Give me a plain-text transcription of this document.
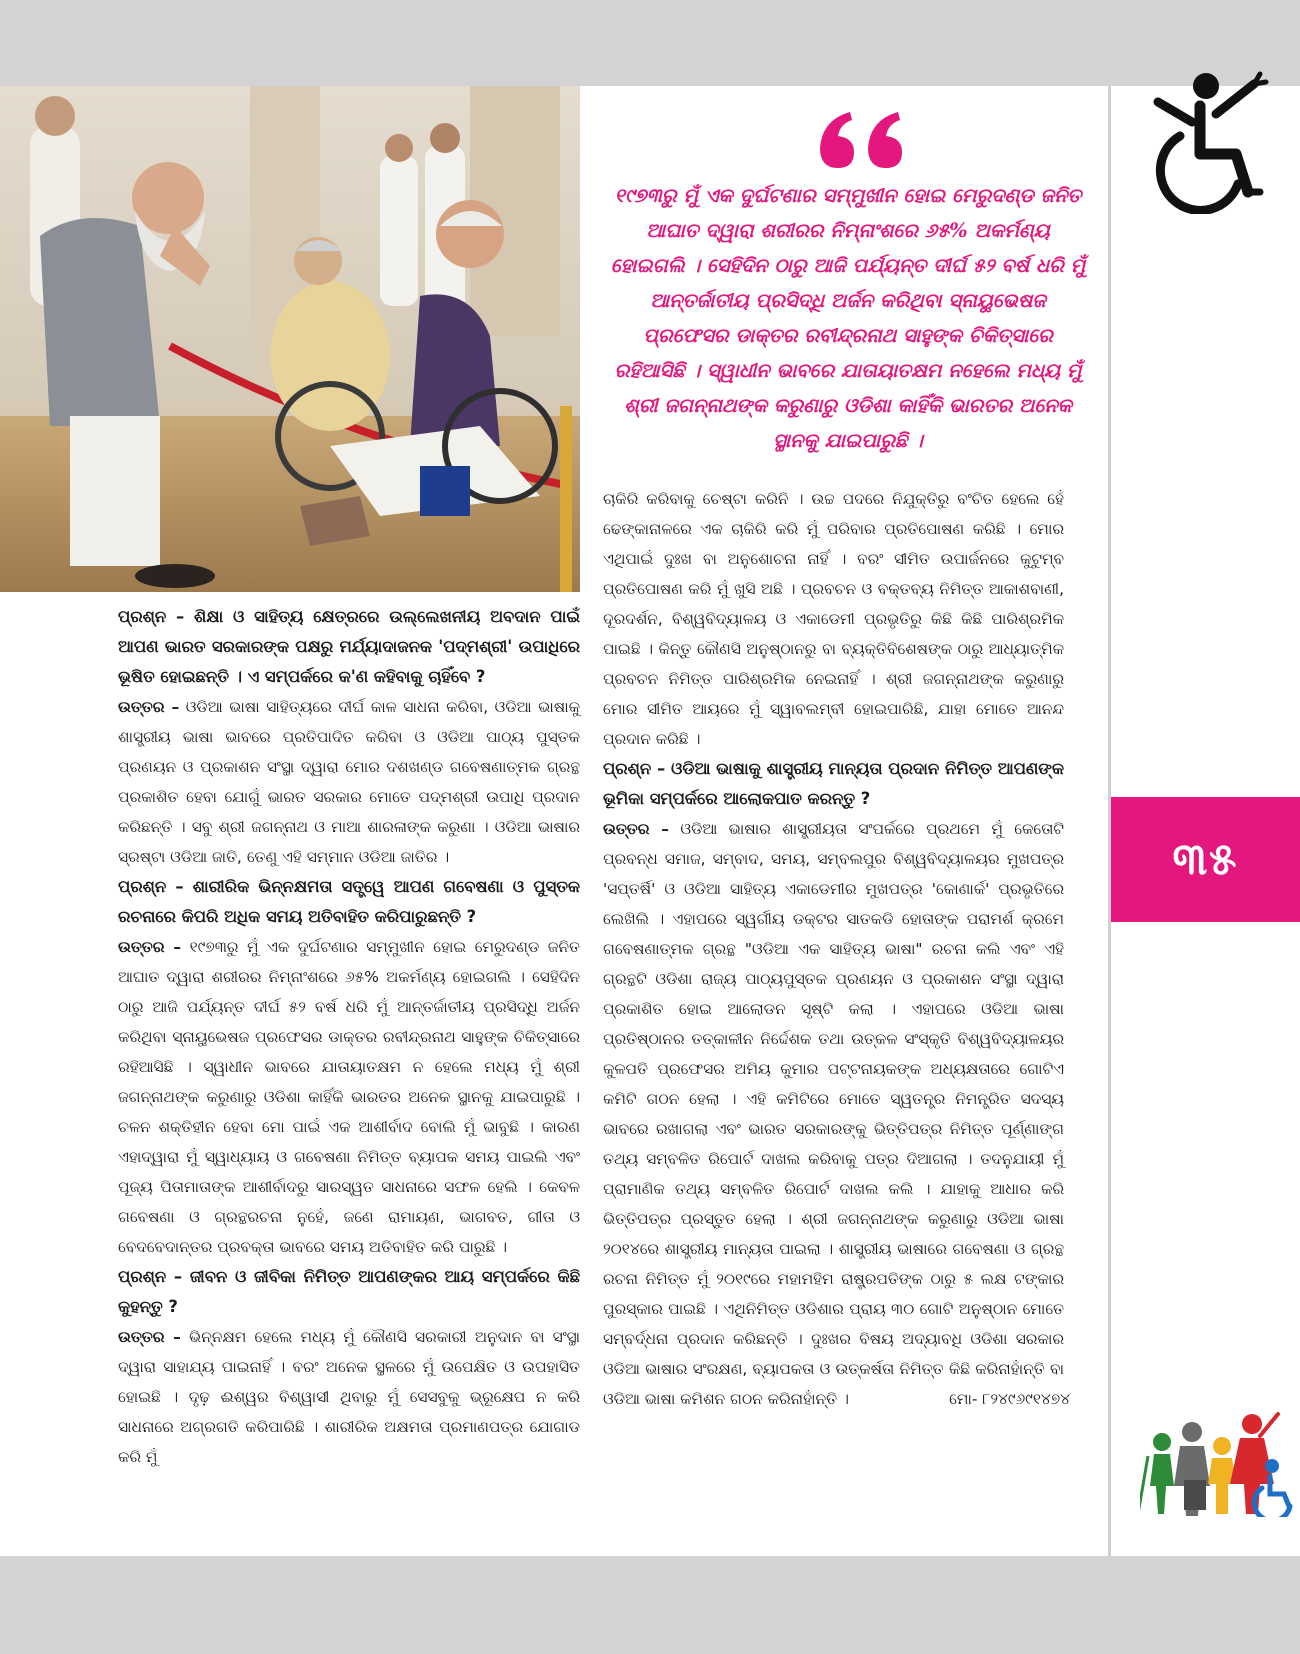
୧୯୭୩ରୁ ମୁଁ ଏକ ଦୁର୍ଘଟଣାର ସମ୍ମୁଖୀନ ହୋଇ ମେରୁଦଣ୍ଡ ଜନିତ ଆଘାତ ଦ୍ୱାରା ଶରୀରର ନିମ୍ନାଂଶରେ ୬୫% ଅକର୍ମଣ୍ୟ ହୋଇଗଲି । ସେହିଦିନ ଠାରୁ ଆଜି ପର୍ଯ୍ୟନ୍ତ ଦୀର୍ଘ ୫୨ ବର୍ଷ ଧରି ମୁଁ ଆନ୍ତର୍ଜାତୀୟ ପ୍ରସିଦ୍ଧି ଅର୍ଜନ କରିଥିବା ସ୍ନାୟୁଭେଷଜ ପ୍ରଫେସର ଡାକ୍ତର ରବୀନ୍ଦ୍ରନାଥ ସାହୁଙ୍କ ଚିକିତ୍ସାରେ ରହିଆସିଛି । ସ୍ୱାଧୀନ ଭାବରେ ଯାତାୟାତକ୍ଷମ ନହେଲେ ମଧ୍ୟ ମୁଁ ଶ୍ରୀ ଜଗନ୍ନାଥଙ୍କ କରୁଣାରୁ ଓଡିଶା କାହିଁକି ଭାରତର ଅନେକ ସ୍ଥାନକୁ ଯାଇପାରୁଛି ।

ପ୍ରଶ୍ନ – ଶିକ୍ଷା ଓ ସାହିତ୍ୟ କ୍ଷେତ୍ରରେ ଉଲ୍ଲେଖନୀୟ ଅବଦାନ ପାଇଁ ଆପଣ ଭାରତ ସରକାରଙ୍କ ପକ୍ଷରୁ ମର୍ଯ୍ୟାଦାଜନକ 'ପଦ୍ମଶ୍ରୀ' ଉପାଧିରେ ଭୂଷିତ ହୋଇଛନ୍ତି । ଏ ସମ୍ପର୍କରେ କ'ଣ କହିବାକୁ ଚାହିଁବେ ?

ଉତ୍ତର – ଓଡିଆ ଭାଷା ସାହିତ୍ୟରେ ଦୀର୍ଘ କାଳ ସାଧନା କରିବା, ଓଡିଆ ଭାଷାକୁ ଶାସ୍ତ୍ରୀୟ ଭାଷା ଭାବରେ ପ୍ରତିପାଦିତ କରିବା ଓ ଓଡିଆ ପାଠ୍ୟ ପୁସ୍ତକ ପ୍ରଣୟନ ଓ ପ୍ରକାଶନ ସଂସ୍ଥା ଦ୍ୱାରା ମୋର ଦଶଖଣ୍ଡ ଗବେଷଣାତ୍ମକ ଗ୍ରନ୍ଥ ପ୍ରକାଶିତ ହେବା ଯୋଗୁଁ ଭାରତ ସରକାର ମୋତେ ପଦ୍ମଶ୍ରୀ ଉପାଧି ପ୍ରଦାନ କରିଛନ୍ତି । ସବୁ ଶ୍ରୀ ଜଗନ୍ନାଥ ଓ ମାଆ ଶାରଳାଙ୍କ କରୁଣା । ଓଡିଆ ଭାଷାର ସ୍ରଷ୍ଟା ଓଡିଆ ଜାତି, ତେଣୁ ଏହି ସମ୍ମାନ ଓଡିଆ ଜାତିର ।

ପ୍ରଶ୍ନ – ଶାରୀରିକ ଭିନ୍ନକ୍ଷମତା ସତ୍ତ୍ୱେ ଆପଣ ଗବେଷଣା ଓ ପୁସ୍ତକ ରଚନାରେ କିପରି ଅଧିକ ସମୟ ଅତିବାହିତ କରିପାରୁଛନ୍ତି ?

ଉତ୍ତର – ୧୯୭୩ରୁ ମୁଁ ଏକ ଦୁର୍ଘଟଣାର ସମ୍ମୁଖୀନ ହୋଇ ମେରୁଦଣ୍ଡ ଜନିତ ଆଘାତ ଦ୍ୱାରା ଶରୀରର ନିମ୍ନାଂଶରେ ୬୫% ଅକର୍ମଣ୍ୟ ହୋଇଗଲି । ସେହିଦିନ ଠାରୁ ଆଜି ପର୍ଯ୍ୟନ୍ତ ଦୀର୍ଘ ୫୨ ବର୍ଷ ଧରି ମୁଁ ଆନ୍ତର୍ଜାତୀୟ ପ୍ରସିଦ୍ଧି ଅର୍ଜନ କରିଥିବା ସ୍ନାୟୁଭେଷଜ ପ୍ରଫେସର ଡାକ୍ତର ରବୀନ୍ଦ୍ରନାଥ ସାହୁଙ୍କ ଚିକିତ୍ସାରେ ରହିଆସିଛି । ସ୍ୱାଧୀନ ଭାବରେ ଯାତାୟାତକ୍ଷମ ନ ହେଲେ ମଧ୍ୟ ମୁଁ ଶ୍ରୀ ଜଗନ୍ନାଥଙ୍କ କରୁଣାରୁ ଓଡିଶା କାହିଁକି ଭାରତର ଅନେକ ସ୍ଥାନକୁ ଯାଇପାରୁଛି । ଚଳନ ଶକ୍ତିହୀନ ହେବା ମୋ ପାଇଁ ଏକ ଆଶୀର୍ବାଦ ବୋଲି ମୁଁ ଭାବୁଛି । କାରଣ ଏହାଦ୍ୱାରା ମୁଁ ସ୍ୱାଧ୍ୟାୟ ଓ ଗବେଷଣା ନିମିତ୍ତ ବ୍ୟାପକ ସମୟ ପାଇଲି ଏବଂ ପୂଜ୍ୟ ପିତାମାତାଙ୍କ ଆଶୀର୍ବାଦରୁ ସାରସ୍ୱତ ସାଧନାରେ ସଫଳ ହେଲି । କେବଳ ଗବେଷଣା ଓ ଗ୍ରନ୍ଥରଚନା ନୁହେଁ, ଜଣେ ରାମାୟଣ, ଭାଗବତ, ଗୀତା ଓ ବେଦବେଦାନ୍ତର ପ୍ରବକ୍ତା ଭାବରେ ସମୟ ଅତିବାହିତ କରି ପାରୁଛି ।

ପ୍ରଶ୍ନ – ଜୀବନ ଓ ଜୀବିକା ନିମିତ୍ତ ଆପଣଙ୍କର ଆୟ ସମ୍ପର୍କରେ କିଛି କୁହନ୍ତୁ ?

ଉତ୍ତର – ଭିନ୍ନକ୍ଷମ ହେଲେ ମଧ୍ୟ ମୁଁ କୌଣସି ସରକାରୀ ଅନୁଦାନ ବା ସଂସ୍ଥା ଦ୍ୱାରା ସାହାଯ୍ୟ ପାଇନାହିଁ । ବରଂ ଅନେକ ସ୍ଥଳରେ ମୁଁ ଉପେକ୍ଷିତ ଓ ଉପହାସିତ ହୋଇଛି । ଦୃଢ଼ ଈଶ୍ୱର ବିଶ୍ୱାସୀ ଥିବାରୁ ମୁଁ ସେସବୁକୁ ଭ୍ରୂକ୍ଷେପ ନ କରି ସାଧନାରେ ଅଗ୍ରଗତି କରିପାରିଛି । ଶାରୀରିକ ଅକ୍ଷମତା ପ୍ରମାଣପତ୍ର ଯୋଗାଡ କରି ମୁଁ

ଚାକିରି କରିବାକୁ ଚେଷ୍ଟା କରିନି । ଉଚ୍ଚ ପଦରେ ନିଯୁକ୍ତିରୁ ବଂଚିତ ହେଲେ ହେଁ ଢେଙ୍କାନାଳରେ ଏକ ଚାକିରି କରି ମୁଁ ପରିବାର ପ୍ରତିପୋଷଣ କରିଛି । ମୋର ଏଥିପାଇଁ ଦୁଃଖ ବା ଅନୁଶୋଚନା ନାହିଁ । ବରଂ ସୀମିତ ଉପାର୍ଜନରେ କୁଟୁମ୍ବ ପ୍ରତିପୋଷଣ କରି ମୁଁ ଖୁସି ଅଛି । ପ୍ରବଚନ ଓ ବକ୍ତବ୍ୟ ନିମିତ୍ତ ଆକାଶବାଣୀ, ଦୂରଦର୍ଶନ, ବିଶ୍ୱବିଦ୍ୟାଳୟ ଓ ଏକାଡେମୀ ପ୍ରଭୃତିରୁ କିଛି କିଛି ପାରିଶ୍ରମିକ ପାଇଛି । କିନ୍ତୁ କୌଣସି ଅନୁଷ୍ଠାନରୁ ବା ବ୍ୟକ୍ତିବିଶେଷଙ୍କ ଠାରୁ ଆଧ୍ୟାତ୍ମିକ ପ୍ରବଚନ ନିମିତ୍ତ ପାରିଶ୍ରମିକ ନେଇନାହିଁ । ଶ୍ରୀ ଜଗନ୍ନାଥଙ୍କ କରୁଣାରୁ ମୋର ସୀମିତ ଆୟରେ ମୁଁ ସ୍ୱାବଲମ୍ବୀ ହୋଇପାରିଛି, ଯାହା ମୋତେ ଆନନ୍ଦ ପ୍ରଦାନ କରିଛି ।

ପ୍ରଶ୍ନ – ଓଡିଆ ଭାଷାକୁ ଶାସ୍ତ୍ରୀୟ ମାନ୍ୟତା ପ୍ରଦାନ ନିମିତ୍ତ ଆପଣଙ୍କ ଭୂମିକା ସମ୍ପର୍କରେ ଆଲୋକପାତ କରନ୍ତୁ ?

ଉତ୍ତର – ଓଡିଆ ଭାଷାର ଶାସ୍ତ୍ରୀୟତା ସଂପର୍କରେ ପ୍ରଥମେ ମୁଁ କେତୋଟି ପ୍ରବନ୍ଧ ସମାଜ, ସମ୍ବାଦ, ସମୟ, ସମ୍ବଲପୁର ବିଶ୍ୱବିଦ୍ୟାଳୟର ମୁଖପତ୍ର 'ସପ୍ତର୍ଷି' ଓ ଓଡିଆ ସାହିତ୍ୟ ଏକାଡେମୀର ମୁଖପତ୍ର 'କୋଣାର୍କ' ପ୍ରଭୃତିରେ ଲେଖିଲି । ଏହାପରେ ସ୍ୱର୍ଗୀୟ ଡକ୍ଟର ସାତକଡି ହୋତାଙ୍କ ପରାମର୍ଶ କ୍ରମେ ଗବେଷଣାତ୍ମକ ଗ୍ରନ୍ଥ "ଓଡିଆ ଏକ ସାହିତ୍ୟ ଭାଷା" ରଚନା କଲି ଏବଂ ଏହି ଗ୍ରନ୍ଥଟି ଓଡିଶା ରାଜ୍ୟ ପାଠ୍ୟପୁସ୍ତକ ପ୍ରଣୟନ ଓ ପ୍ରକାଶନ ସଂସ୍ଥା ଦ୍ୱାରା ପ୍ରକାଶିତ ହୋଇ ଆଲୋଡନ ସୃଷ୍ଟି କଲା । ଏହାପରେ ଓଡିଆ ଭାଷା ପ୍ରତିଷ୍ଠାନର ତତ୍କାଳୀନ ନିର୍ଦ୍ଦେଶକ ତଥା ଉତ୍କଳ ସଂସ୍କୃତି ବିଶ୍ୱବିଦ୍ୟାଳୟର କୁଳପତି ପ୍ରଫେସର ଅମିୟ କୁମାର ପଟ୍ଟନାୟକଙ୍କ ଅଧ୍ୟକ୍ଷତାରେ ଗୋଟିଏ କମିଟି ଗଠନ ହେଲା । ଏହି କମିଟିରେ ମୋତେ ସ୍ୱତନ୍ତ୍ର ନିମନ୍ତ୍ରିତ ସଦସ୍ୟ ଭାବରେ ରଖାଗଲା ଏବଂ ଭାରତ ସରକାରଙ୍କୁ ଭିତ୍ତିପତ୍ର ନିମିତ୍ତ ପୂର୍ଣ୍ଣାଙ୍ଗ ତଥ୍ୟ ସମ୍ବଳିତ ରିପୋର୍ଟ ଦାଖଲ କରିବାକୁ ପତ୍ର ଦିଆଗଲା । ତଦନୁଯାୟୀ ମୁଁ ପ୍ରାମାଣିକ ତଥ୍ୟ ସମ୍ବଳିତ ରିପୋର୍ଟ ଦାଖଲ କଲି । ଯାହାକୁ ଆଧାର କରି ଭିତ୍ତିପତ୍ର ପ୍ରସ୍ତୁତ ହେଲା । ଶ୍ରୀ ଜଗନ୍ନାଥଙ୍କ କରୁଣାରୁ ଓଡିଆ ଭାଷା ୨୦୧୪ରେ ଶାସ୍ତ୍ରୀୟ ମାନ୍ୟତା ପାଇଲା । ଶାସ୍ତ୍ରୀୟ ଭାଷାରେ ଗବେଷଣା ଓ ଗ୍ରନ୍ଥ ରଚନା ନିମିତ୍ତ ମୁଁ ୨୦୧୯ରେ ମହାମହିମ ରାଷ୍ଟ୍ରପତିଙ୍କ ଠାରୁ ୫ ଲକ୍ଷ ଟଙ୍କାର ପୁରସ୍କାର ପାଇଛି । ଏଥିନିମିତ୍ତ ଓଡିଶାର ପ୍ରାୟ ୩୦ ଗୋଟି ଅନୁଷ୍ଠାନ ମୋତେ ସମ୍ବର୍ଦ୍ଧନା ପ୍ରଦାନ କରିଛନ୍ତି । ଦୁଃଖର ବିଷୟ ଅଦ୍ୟାବଧି ଓଡିଶା ସରକାର ଓଡିଆ ଭାଷାର ସଂରକ୍ଷଣ, ବ୍ୟାପକତା ଓ ଉତ୍କର୍ଷତା ନିମିତ୍ତ କିଛି କରିନାହାଁନ୍ତି ବା ଓଡିଆ ଭାଷା କମିଶନ ଗଠନ କରିନାହାଁନ୍ତି ।	ମୋ- ୮୨୪୯୬୯୧୪୭୪
୩୫
